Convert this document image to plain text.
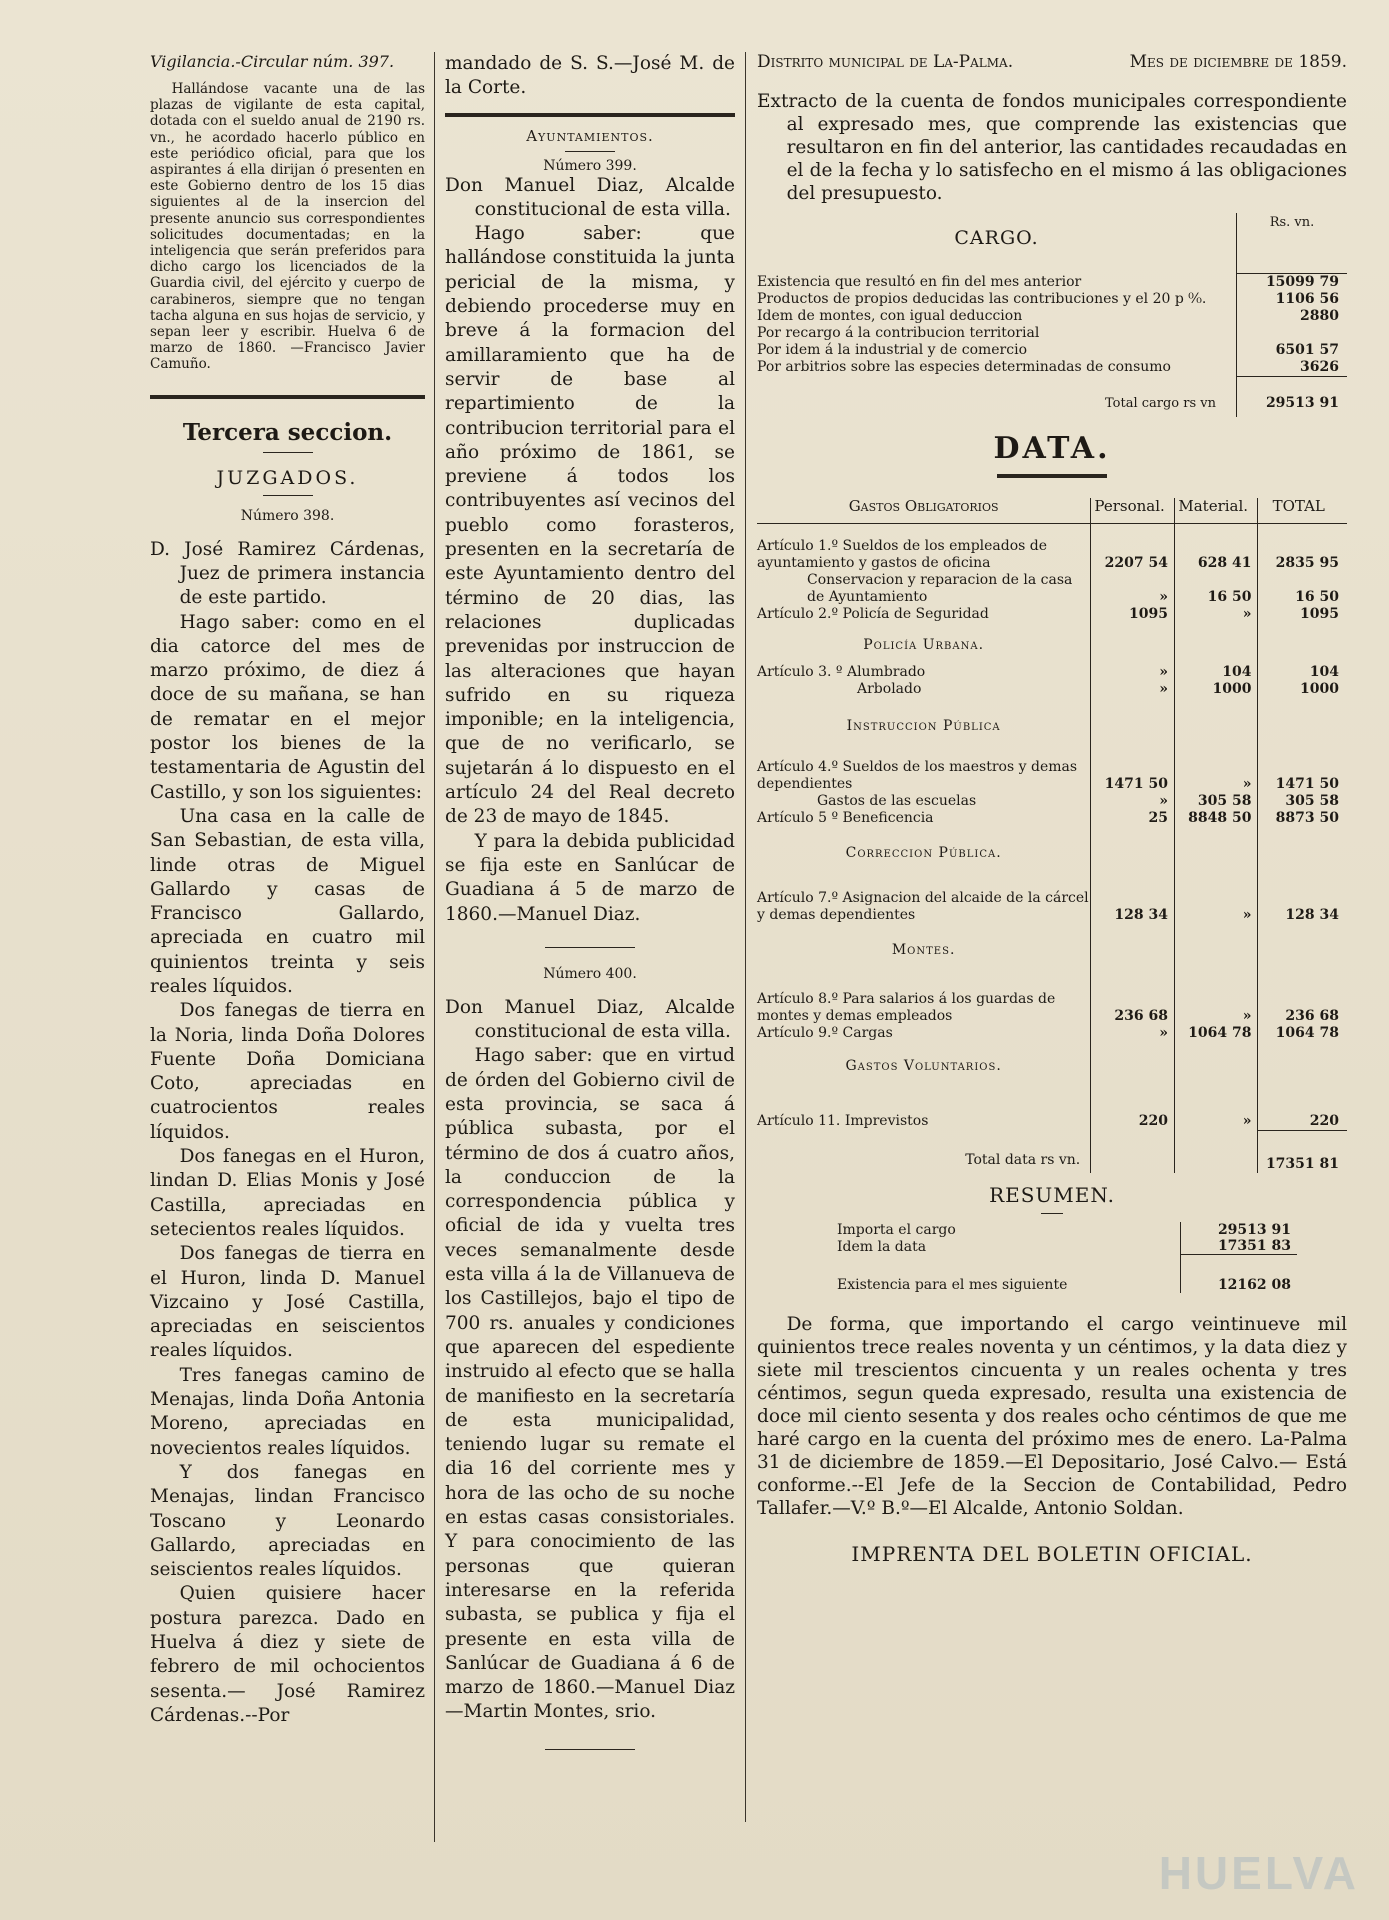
Vigilancia.-Circular núm. 397.

Hallándose vacante una de las plazas de vigilante de esta capital, dotada con el sueldo anual de 2190 rs. vn., he acordado hacerlo público en este periódico oficial, para que los aspirantes á ella dirijan ó presenten en este Gobierno dentro de los 15 dias siguientes al de la insercion del presente anuncio sus correspondientes solicitudes documentadas; en la inteligencia que serán preferidos para dicho cargo los licenciados de la Guardia civil, del ejército y cuerpo de carabineros, siempre que no tengan tacha alguna en sus hojas de servicio, y sepan leer y escribir. Huelva 6 de marzo de 1860. —Francisco Javier Camuño.

Tercera seccion.

JUZGADOS.

Número 398.

D. José Ramirez Cárdenas, Juez de primera instancia de este partido.

Hago saber: como en el dia catorce del mes de marzo próximo, de diez á doce de su mañana, se han de rematar en el mejor postor los bienes de la testamentaria de Agustin del Castillo, y son los siguientes:

Una casa en la calle de San Sebastian, de esta villa, linde otras de Miguel Gallardo y casas de Francisco Gallardo, apreciada en cuatro mil quinientos treinta y seis reales líquidos.

Dos fanegas de tierra en la Noria, linda Doña Dolores Fuente Doña Domiciana Coto, apreciadas en cuatrocientos reales líquidos.

Dos fanegas en el Huron, lindan D. Elias Monis y José Castilla, apreciadas en setecientos reales líquidos.

Dos fanegas de tierra en el Huron, linda D. Manuel Vizcaino y José Castilla, apreciadas en seiscientos reales líquidos.

Tres fanegas camino de Menajas, linda Doña Antonia Moreno, apreciadas en novecientos reales líquidos.

Y dos fanegas en Menajas, lindan Francisco Toscano y Leonardo Gallardo, apreciadas en seiscientos reales líquidos.

Quien quisiere hacer postura parezca. Dado en Huelva á diez y siete de febrero de mil ochocientos sesenta.— José Ramirez Cárdenas.--Por

mandado de S. S.—José M. de la Corte.

Ayuntamientos.

Número 399.

Don Manuel Diaz, Alcalde constitucional de esta villa.

Hago saber: que hallándose constituida la junta pericial de la misma, y debiendo procederse muy en breve á la formacion del amillaramiento que ha de servir de base al repartimiento de la contribucion territorial para el año próximo de 1861, se previene á todos los contribuyentes así vecinos del pueblo como forasteros, presenten en la secretaría de este Ayuntamiento dentro del término de 20 dias, las relaciones duplicadas prevenidas por instruccion de las alteraciones que hayan sufrido en su riqueza imponible; en la inteligencia, que de no verificarlo, se sujetarán á lo dispuesto en el artículo 24 del Real decreto de 23 de mayo de 1845.

Y para la debida publicidad se fija este en Sanlúcar de Guadiana á 5 de marzo de 1860.—Manuel Diaz.

Número 400.

Don Manuel Diaz, Alcalde constitucional de esta villa.

Hago saber: que en virtud de órden del Gobierno civil de esta provincia, se saca á pública subasta, por el término de dos á cuatro años, la conduccion de la correspondencia pública y oficial de ida y vuelta tres veces semanalmente desde esta villa á la de Villanueva de los Castillejos, bajo el tipo de 700 rs. anuales y condiciones que aparecen del espediente instruido al efecto que se halla de manifiesto en la secretaría de esta municipalidad, teniendo lugar su remate el dia 16 del corriente mes y hora de las ocho de su noche en estas casas consistoriales. Y para conocimiento de las personas que quieran interesarse en la referida subasta, se publica y fija el presente en esta villa de Sanlúcar de Guadiana á 6 de marzo de 1860.—Manuel Diaz —Martin Montes, srio.

Distrito municipal de La-Palma.	Mes de diciembre de 1859.

Extracto de la cuenta de fondos municipales correspondiente al expresado mes, que comprende las existencias que resultaron en fin del anterior, las cantidades recaudadas en el de la fecha y lo satisfecho en el mismo á las obligaciones del presupuesto.

CARGO.	Rs. vn.
Existencia que resultó en fin del mes anterior	15099 79
Productos de propios deducidas las contribuciones y el 20 p ⁰⁄₀.	1106 56
Idem de montes, con igual deduccion	2880
Por recargo á la contribucion territorial	
Por idem á la industrial y de comercio	6501 57
Por arbitrios sobre las especies determinadas de consumo	3626
Total cargo rs vn	29513 91

DATA.

Gastos Obligatorios	Personal.	Material.	TOTAL
Artículo 1.º Sueldos de los empleados de ayuntamiento y gastos de oficina	2207 54	628 41	2835 95
Conservacion y reparacion de la casa de Ayuntamiento	»	16 50	16 50
Artículo 2.º Policía de Seguridad	1095	»	1095
Policía Urbana.			
Artículo 3. º Alumbrado	»	104	104
Arbolado	»	1000	1000
Instruccion Pública			
Artículo 4.º Sueldos de los maestros y demas dependientes	1471 50	»	1471 50
Gastos de las escuelas	»	305 58	305 58
Artículo 5 º Beneficencia	25	8848 50	8873 50
Correccion Pública.			
Artículo 7.º Asignacion del alcaide de la cárcel y demas dependientes	128 34	»	128 34
Montes.			
Artículo 8.º Para salarios á los guardas de montes y demas empleados	236 68	»	236 68
Artículo 9.º Cargas	»	1064 78	1064 78
Gastos Voluntarios.			
Artículo 11. Imprevistos	220	»	220
Total data rs vn.			17351 81

RESUMEN.

Importa el cargo	29513 91
Idem la data	17351 83
Existencia para el mes siguiente	12162 08

De forma, que importando el cargo veintinueve mil quinientos trece reales noventa y un céntimos, y la data diez y siete mil trescientos cincuenta y un reales ochenta y tres céntimos, segun queda expresado, resulta una existencia de doce mil ciento sesenta y dos reales ocho céntimos de que me haré cargo en la cuenta del próximo mes de enero. La-Palma 31 de diciembre de 1859.—El Depositario, José Calvo.— Está conforme.--El Jefe de la Seccion de Contabilidad, Pedro Tallafer.—V.º B.º—El Alcalde, Antonio Soldan.

IMPRENTA DEL BOLETIN OFICIAL.

HUELVA
